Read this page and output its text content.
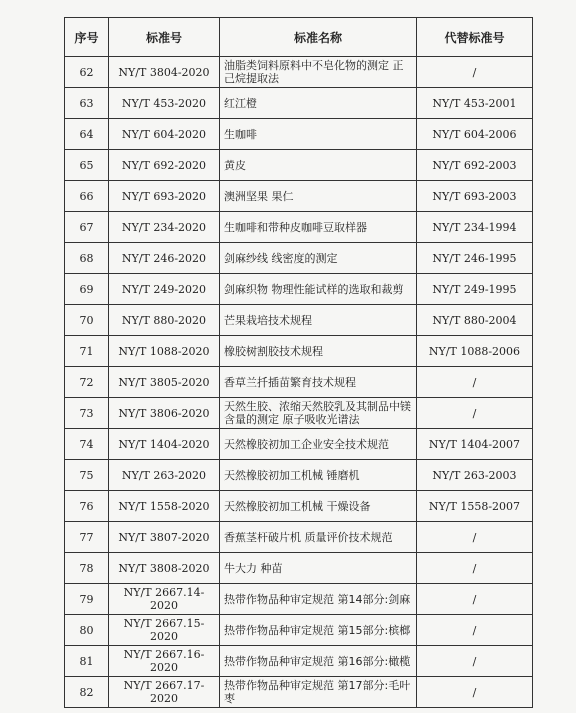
序号	标准号	标准名称	代替标准号
62	NY/T 3804-2020	油脂类饲料原料中不皂化物的测定 正己烷提取法	/
63	NY/T 453-2020	红江橙	NY/T 453-2001
64	NY/T 604-2020	生咖啡	NY/T 604-2006
65	NY/T 692-2020	黄皮	NY/T 692-2003
66	NY/T 693-2020	澳洲坚果 果仁	NY/T 693-2003
67	NY/T 234-2020	生咖啡和带种皮咖啡豆取样器	NY/T 234-1994
68	NY/T 246-2020	剑麻纱线 线密度的测定	NY/T 246-1995
69	NY/T 249-2020	剑麻织物 物理性能试样的选取和裁剪	NY/T 249-1995
70	NY/T 880-2020	芒果栽培技术规程	NY/T 880-2004
71	NY/T 1088-2020	橡胶树割胶技术规程	NY/T 1088-2006
72	NY/T 3805-2020	香草兰扦插苗繁育技术规程	/
73	NY/T 3806-2020	天然生胶、浓缩天然胶乳及其制品中镁含量的测定 原子吸收光谱法	/
74	NY/T 1404-2020	天然橡胶初加工企业安全技术规范	NY/T 1404-2007
75	NY/T 263-2020	天然橡胶初加工机械 锤磨机	NY/T 263-2003
76	NY/T 1558-2020	天然橡胶初加工机械 干燥设备	NY/T 1558-2007
77	NY/T 3807-2020	香蕉茎杆破片机 质量评价技术规范	/
78	NY/T 3808-2020	牛大力 种苗	/
79	NY/T 2667.14-2020	热带作物品种审定规范 第14部分:剑麻	/
80	NY/T 2667.15-2020	热带作物品种审定规范 第15部分:槟榔	/
81	NY/T 2667.16-2020	热带作物品种审定规范 第16部分:橄榄	/
82	NY/T 2667.17-2020	热带作物品种审定规范 第17部分:毛叶枣	/
